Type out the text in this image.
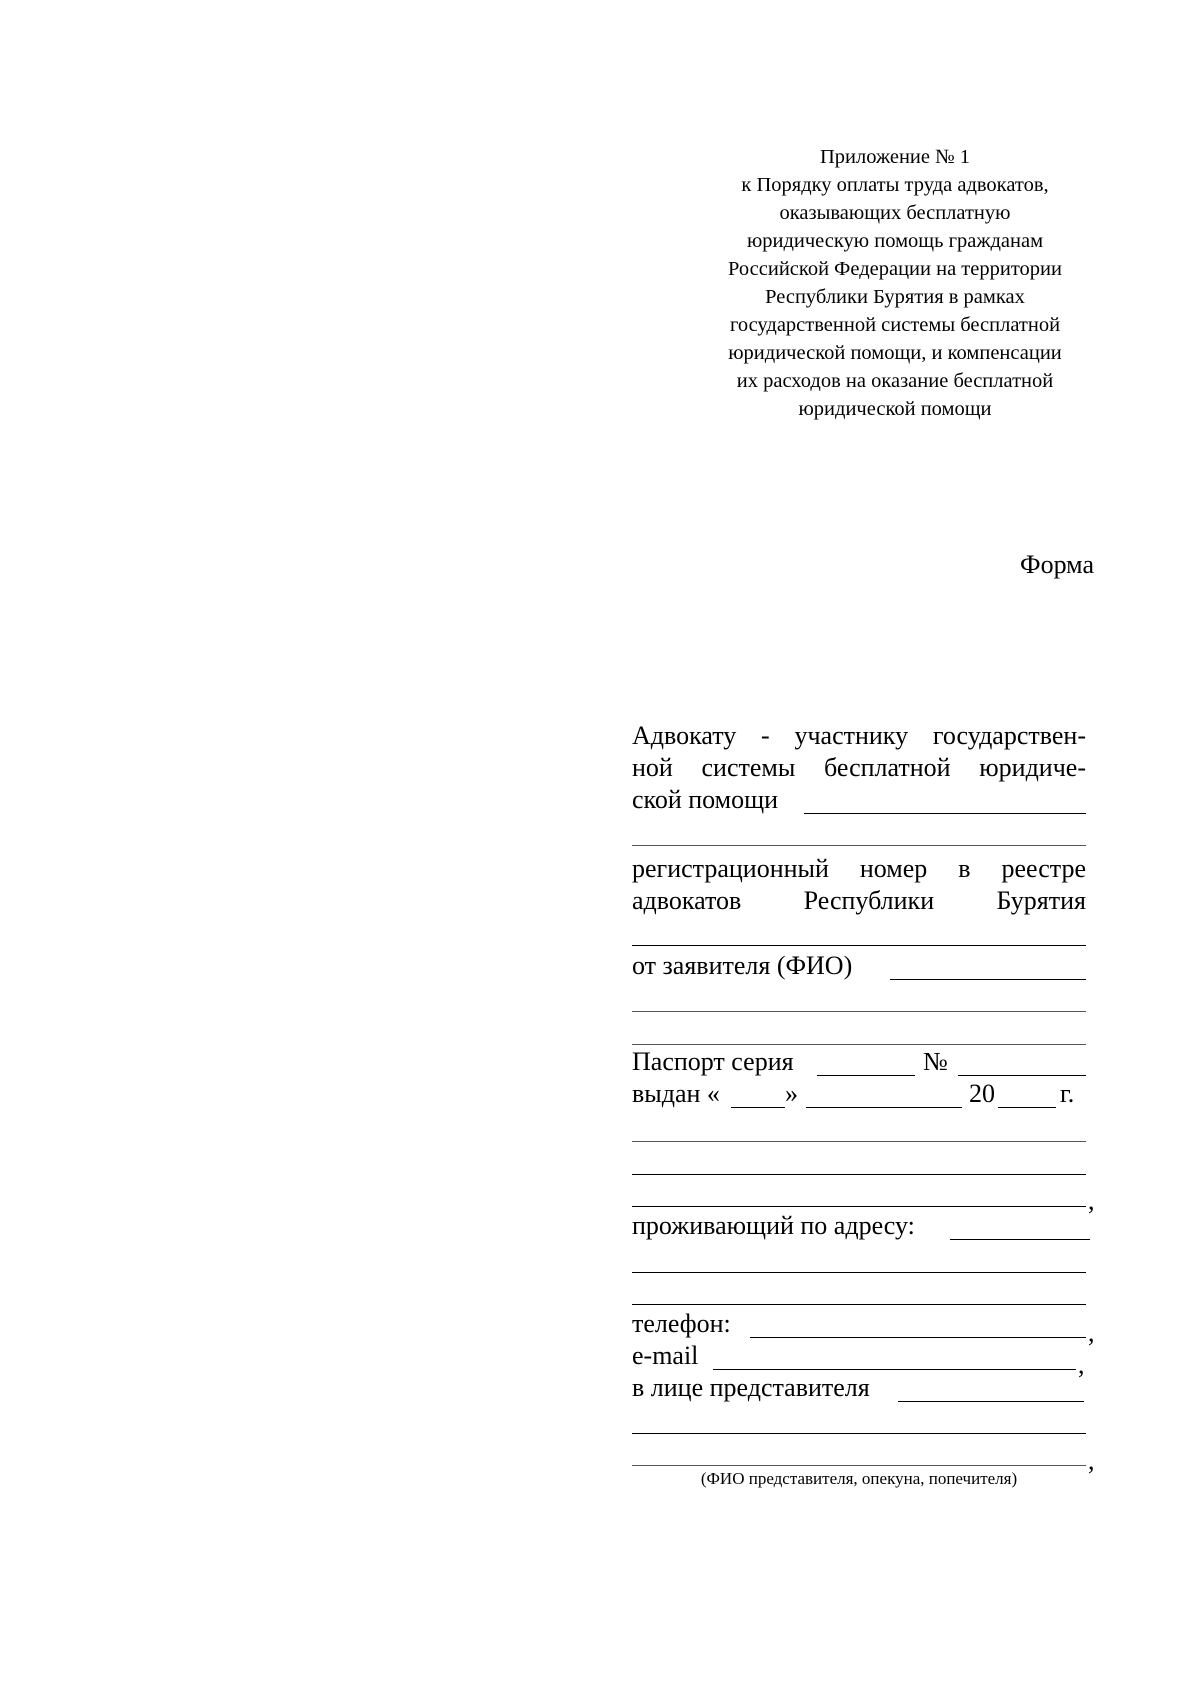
Приложение № 1
к Порядку оплаты труда адвокатов,
оказывающих бесплатную
юридическую помощь гражданам
Российской Федерации на территории
Республики Бурятия в рамках
государственной системы бесплатной
юридической помощи, и компенсации
их расходов на оказание бесплатной
юридической помощи
Форма
Адвокату - участнику государствен-
ной системы бесплатной юридиче-
ской помощи
регистрационный номер в реестре
адвокатов Республики Бурятия
от заявителя (ФИО)
Паспорт серия	№
выдан «	»	20	г.
,
проживающий по адресу:
телефон:	,
e-mail	,
в лице представителя
,
(ФИО представителя, опекуна, попечителя)
